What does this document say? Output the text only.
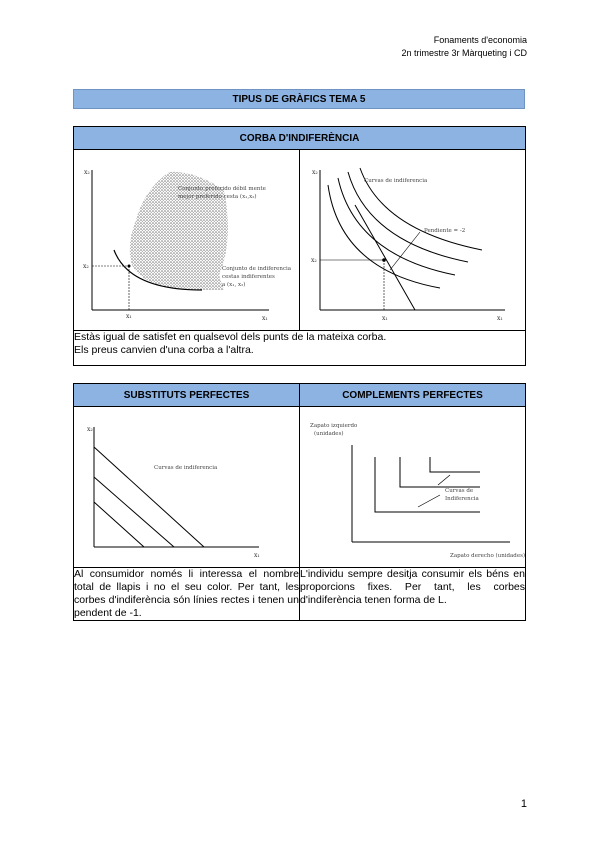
Fonaments d'economia
2n trimestre 3r Màrqueting i CD
TIPUS DE GRÀFICS TEMA 5
CORBA D'INDIFERÈNCIA

x₂
x₁
x₂
x₁
Conjunto preferido débil mente
mejor preferido cesta (x₁,x₂)
Conjunto de indiferencia
cestas indiferentes
a (x₁, x₂)

x₂
x₁
x₂
x₁
Curvas de indiferencia
Pendiente = -2

Estàs igual de satisfet en qualsevol dels punts de la mateixa corba.
Els preus canvien d'una corba a l'altra.
SUBSTITUTS PERFECTES	COMPLEMENTS PERFECTES

x₂
x₁
Curvas de indiferencia	Zapato izquierdo
(unidades)
Curvas de
Indiferencia
Zapato derecho (unidades)

Al consumidor només li interessa el nombre total de llapis i no el seu color. Per tant, les corbes d'indiferència són línies rectes i tenen un pendent de -1.	L'individu sempre desitja consumir els béns en proporcions fixes. Per tant, les corbes d'indiferència tenen forma de L.
1
